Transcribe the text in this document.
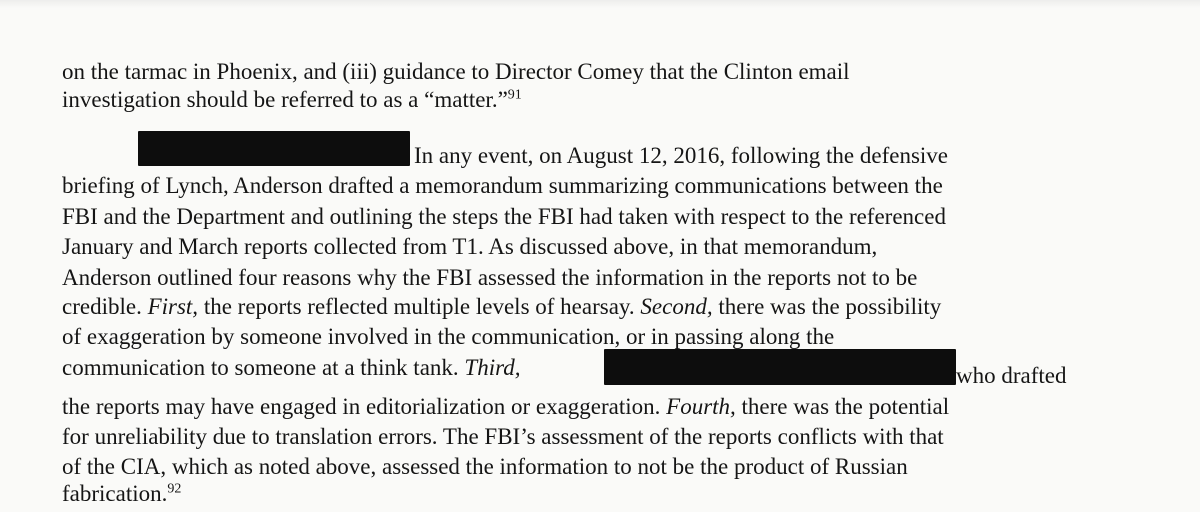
on the tarmac in Phoenix, and (iii) guidance to Director Comey that the Clinton email
investigation should be referred to as a “matter.”$^{91}$
In any event, on August 12, 2016, following the defensive
briefing of Lynch, Anderson drafted a memorandum summarizing communications between the
FBI and the Department and outlining the steps the FBI had taken with respect to the referenced
January and March reports collected from T1. As discussed above, in that memorandum,
Anderson outlined four reasons why the FBI assessed the information in the reports not to be
credible. First, the reports reflected multiple levels of hearsay. Second, there was the possibility
of exaggeration by someone involved in the communication, or in passing along the
communication to someone at a think tank. Third,	who drafted
the reports may have engaged in editorialization or exaggeration. Fourth, there was the potential
for unreliability due to translation errors. The FBI’s assessment of the reports conflicts with that
of the CIA, which as noted above, assessed the information to not be the product of Russian
fabrication.$^{92}$
